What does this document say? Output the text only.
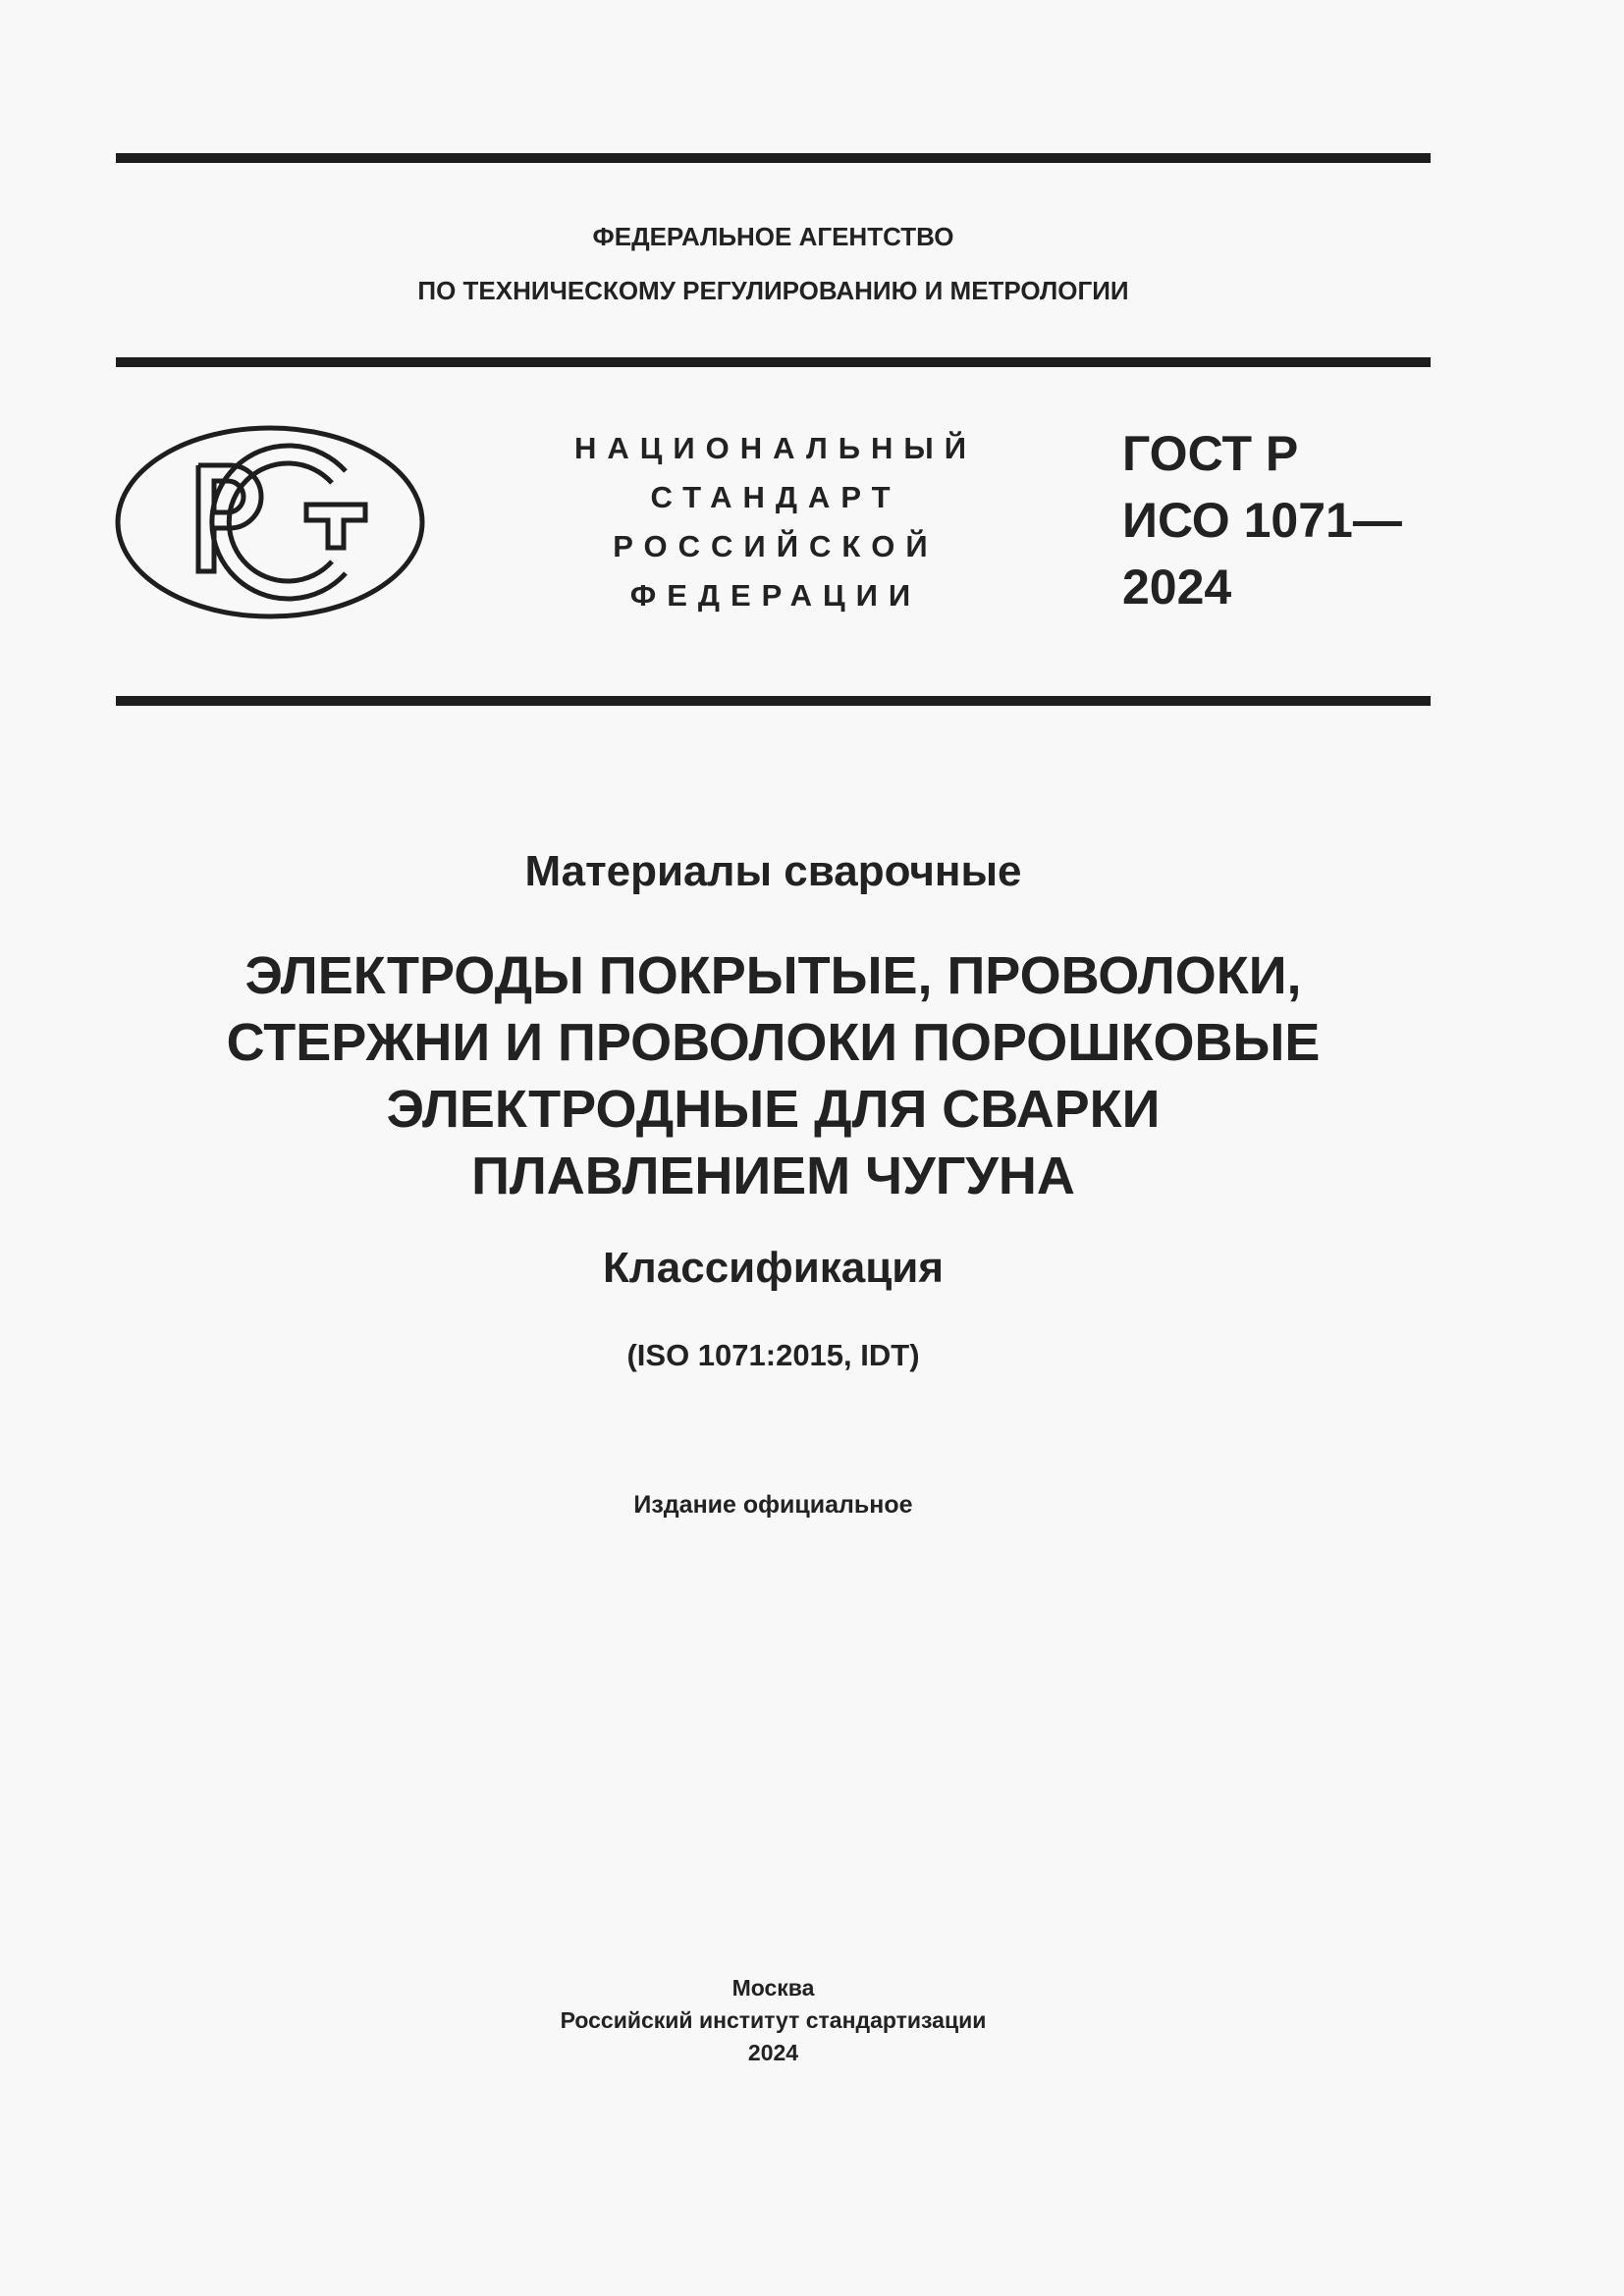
ФЕДЕРАЛЬНОЕ АГЕНТСТВО
ПО ТЕХНИЧЕСКОМУ РЕГУЛИРОВАНИЮ И МЕТРОЛОГИИ
НАЦИОНАЛЬНЫЙ
СТАНДАРТ
РОССИЙСКОЙ
ФЕДЕРАЦИИ
ГОСТ Р
ИСО 1071—
2024
Материалы сварочные
ЭЛЕКТРОДЫ ПОКРЫТЫЕ, ПРОВОЛОКИ,
СТЕРЖНИ И ПРОВОЛОКИ ПОРОШКОВЫЕ
ЭЛЕКТРОДНЫЕ ДЛЯ СВАРКИ
ПЛАВЛЕНИЕМ ЧУГУНА
Классификация
(ISO 1071:2015, IDT)
Издание официальное
Москва
Российский институт стандартизации
2024
